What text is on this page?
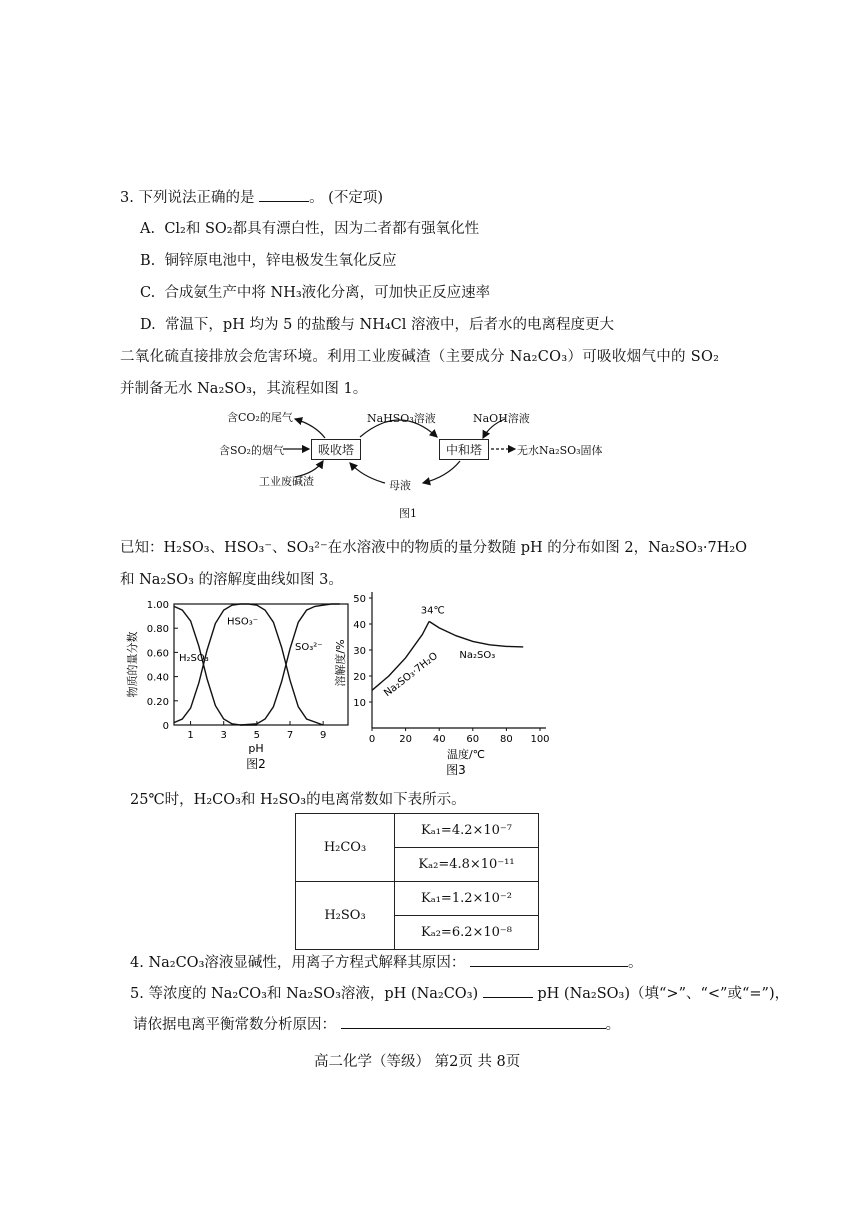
3. 下列说法正确的是	。 (不定项)
A. Cl₂和 SO₂都具有漂白性，因为二者都有强氧化性
B. 铜锌原电池中，锌电极发生氧化反应
C. 合成氨生产中将 NH₃液化分离，可加快正反应速率
D. 常温下，pH 均为 5 的盐酸与 NH₄Cl 溶液中，后者水的电离程度更大
二氧化硫直接排放会危害环境。利用工业废碱渣（主要成分 Na₂CO₃）可吸收烟气中的 SO₂
并制备无水 Na₂SO₃，其流程如图 1。
吸收塔	中和塔
含CO₂的尾气
含SO₂的烟气
工业废碱渣
NaHSO₃溶液	NaOH溶液
无水Na₂SO₃固体
母液
图1
已知：H₂SO₃、HSO₃⁻、SO₃²⁻在水溶液中的物质的量分数随 pH 的分布如图 2，Na₂SO₃·7H₂O
和 Na₂SO₃ 的溶解度曲线如图 3。
0
0.20
0.40
0.60
0.80
1.00
1	3	5	7	9
pH
图2
物质的量分数	H₂SO₃
HSO₃⁻
SO₃²⁻
10
20
30
40
50
0 20 40 60 80 100
34℃
Na₂SO₃
Na₂SO₃·7H₂O
溶解度/%
温度/℃
图3
25℃时，H₂CO₃和 H₂SO₃的电离常数如下表所示。
H₂CO₃	Kₐ₁=4.2×10⁻⁷
	Kₐ₂=4.8×10⁻¹¹
H₂SO₃	Kₐ₁=1.2×10⁻²
	Kₐ₂=6.2×10⁻⁸
4. Na₂CO₃溶液显碱性，用离子方程式解释其原因：	。
5. 等浓度的 Na₂CO₃和 Na₂SO₃溶液，pH (Na₂CO₃)	pH (Na₂SO₃)（填“>”、“<”或“=”)，
请依据电离平衡常数分析原因：	。
高二化学（等级） 第2页 共 8页
